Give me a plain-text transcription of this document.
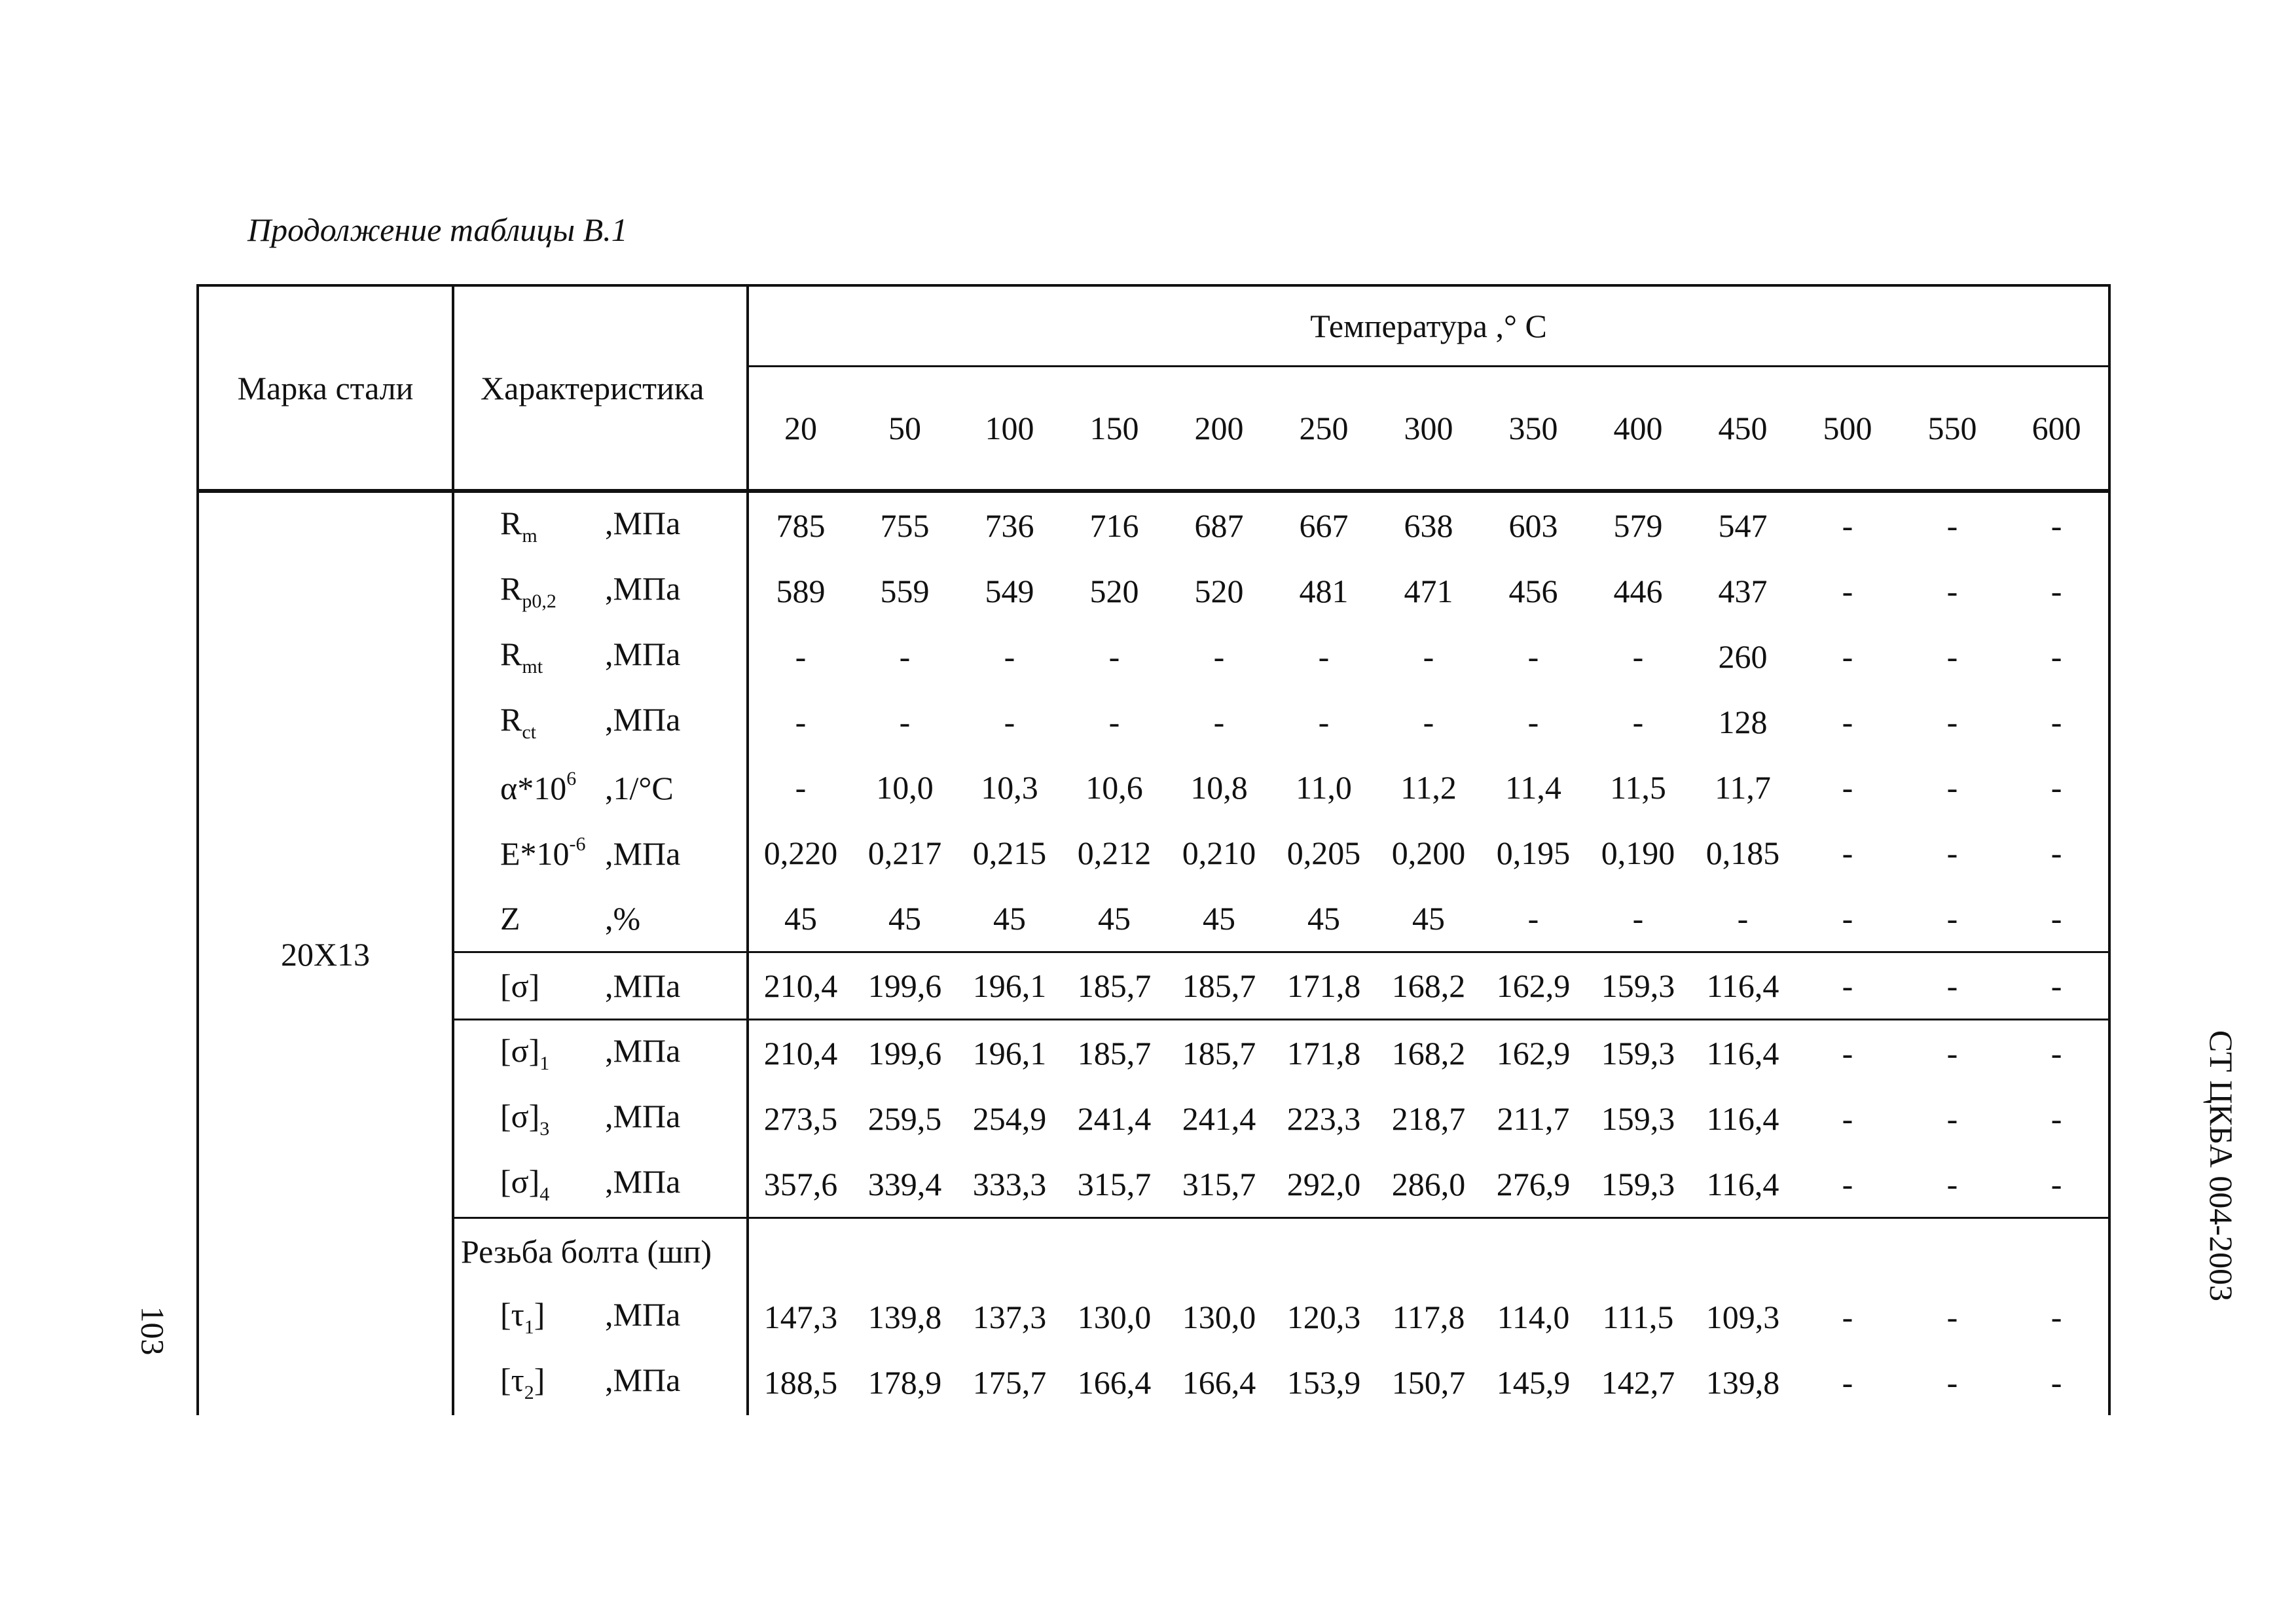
Продолжение таблицы В.1
Марка стали	Характеристика	Температура ,° С												
		20	50	100	150	200	250	300	350	400	450	500	550	600
20Х13	$R_m$ ,МПа	785	755	736	716	687	667	638	603	579	547	-	-	-
	$R_{p0,2}$ ,МПа	589	559	549	520	520	481	471	456	446	437	-	-	-
	$R_{mt}$ ,МПа	-	-	-	-	-	-	-	-	-	260	-	-	-
	$R_{ct}$ ,МПа	-	-	-	-	-	-	-	-	-	128	-	-	-
	$\alpha*10^6$ ,1/°C	-	10,0	10,3	10,6	10,8	11,0	11,2	11,4	11,5	11,7	-	-	-
	$E*10^{-6}$ ,МПа	0,220	0,217	0,215	0,212	0,210	0,205	0,200	0,195	0,190	0,185	-	-	-
	Z ,%	45	45	45	45	45	45	45	-	-	-	-	-	-
	[σ] ,МПа	210,4	199,6	196,1	185,7	185,7	171,8	168,2	162,9	159,3	116,4	-	-	-
	$[\sigma]_1$ ,МПа	210,4	199,6	196,1	185,7	185,7	171,8	168,2	162,9	159,3	116,4	-	-	-
	$[\sigma]_3$ ,МПа	273,5	259,5	254,9	241,4	241,4	223,3	218,7	211,7	159,3	116,4	-	-	-
	$[\sigma]_4$ ,МПа	357,6	339,4	333,3	315,7	315,7	292,0	286,0	276,9	159,3	116,4	-	-	-
	Резьба болта (шп)													
	$[\tau_1]$ ,МПа	147,3	139,8	137,3	130,0	130,0	120,3	117,8	114,0	111,5	109,3	-	-	-
	$[\tau_2]$ ,МПа	188,5	178,9	175,7	166,4	166,4	153,9	150,7	145,9	142,7	139,8	-	-	-
103
СТ ЦКБА 004-2003
